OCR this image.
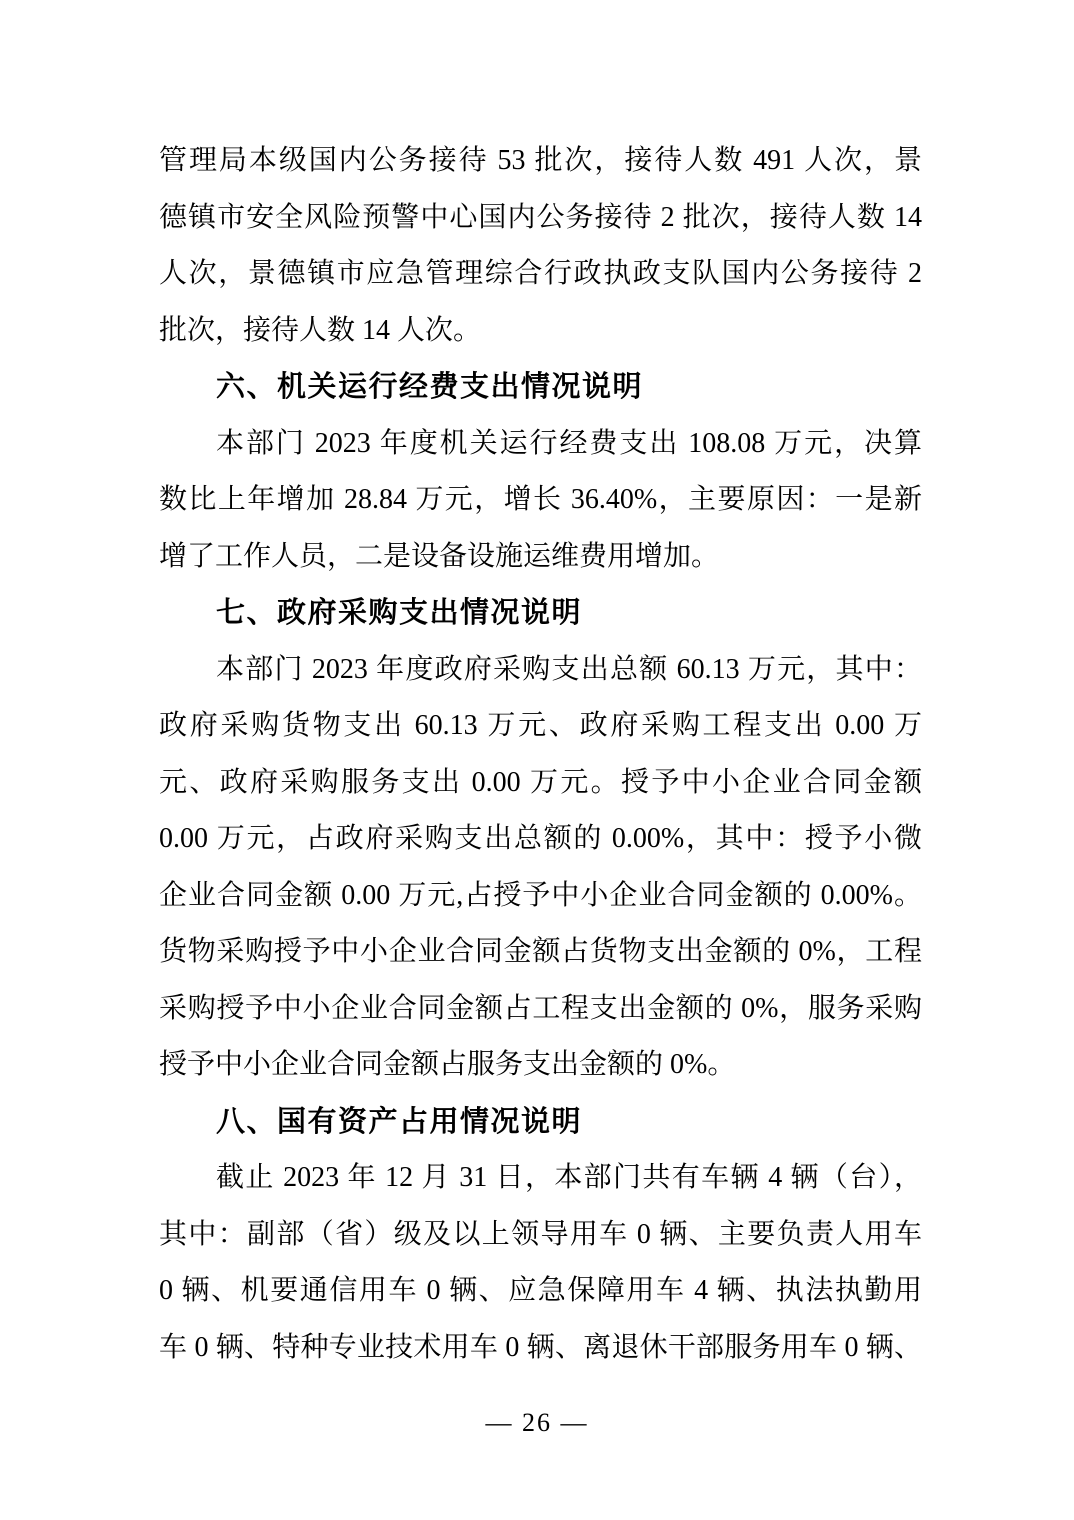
管理局本级国内公务接待 53 批次，接待人数 491 人次，景
德镇市安全风险预警中心国内公务接待 2 批次，接待人数 14
人次，景德镇市应急管理综合行政执政支队国内公务接待 2
批次，接待人数 14 人次。
六、机关运行经费支出情况说明
本部门 2023 年度机关运行经费支出 108.08 万元，决算
数比上年增加 28.84 万元，增长 36.40%，主要原因：一是新
增了工作人员，二是设备设施运维费用增加。
七、政府采购支出情况说明
本部门 2023 年度政府采购支出总额 60.13 万元，其中：
政府采购货物支出 60.13 万元、政府采购工程支出 0.00 万
元、政府采购服务支出 0.00 万元。授予中小企业合同金额
0.00 万元，占政府采购支出总额的 0.00%，其中：授予小微
企业合同金额 0.00 万元,占授予中小企业合同金额的 0.00%。
货物采购授予中小企业合同金额占货物支出金额的 0%，工程
采购授予中小企业合同金额占工程支出金额的 0%，服务采购
授予中小企业合同金额占服务支出金额的 0%。
八、国有资产占用情况说明
截止 2023 年 12 月 31 日，本部门共有车辆 4 辆（台），
其中：副部（省）级及以上领导用车 0 辆、主要负责人用车
0 辆、机要通信用车 0 辆、应急保障用车 4 辆、执法执勤用
车 0 辆、特种专业技术用车 0 辆、离退休干部服务用车 0 辆、
— 26 —
